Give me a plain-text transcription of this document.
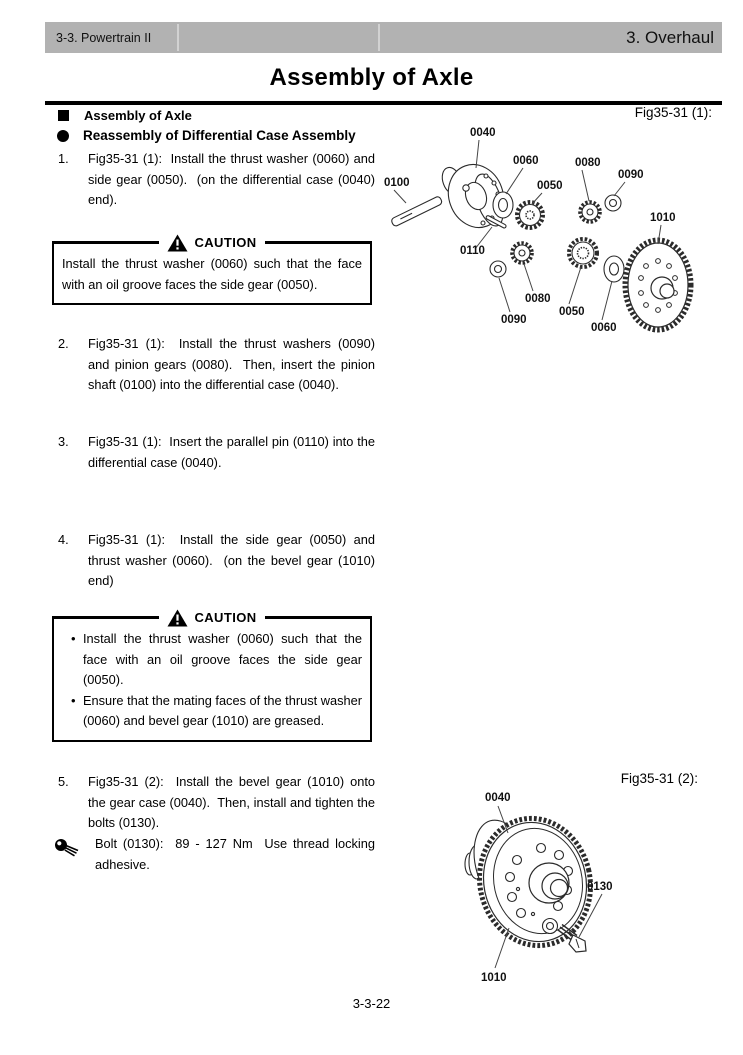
3-3. Powertrain II	3. Overhaul
Assembly of Axle
Assembly of Axle
Reassembly of Differential Case Assembly
Fig35-31 (1):
1.	Fig35-31 (1):  Install the thrust washer (0060) and side gear (0050).  (on the differential case (0040) end).
CAUTION
Install the thrust washer (0060) such that the face with an oil groove faces the side gear (0050).
2.	Fig35-31 (1):  Install the thrust washers (0090) and pinion gears (0080).  Then, insert the pinion shaft (0100) into the differential case (0040).
3.	Fig35-31 (1):  Insert the parallel pin (0110) into the differential case (0040).
4.	Fig35-31 (1):  Install the side gear (0050) and thrust washer (0060).  (on the bevel gear (1010) end)
CAUTION
• Install the thrust washer (0060) such that the face with an oil groove faces the side gear (0050).
• Ensure that the mating faces of the thrust washer (0060) and bevel gear (1010) are greased.
5.	Fig35-31 (2):  Install the bevel gear (1010) onto the gear case (0040).  Then, install and tighten the bolts (0130).
Bolt (0130):  89 - 127 Nm  Use thread locking adhesive.
Fig35-31 (2):
0040
0060
0050
0080
0090
0100
1010
0110
0080
0090
0050
0060
0040
0130
1010
3-3-22
